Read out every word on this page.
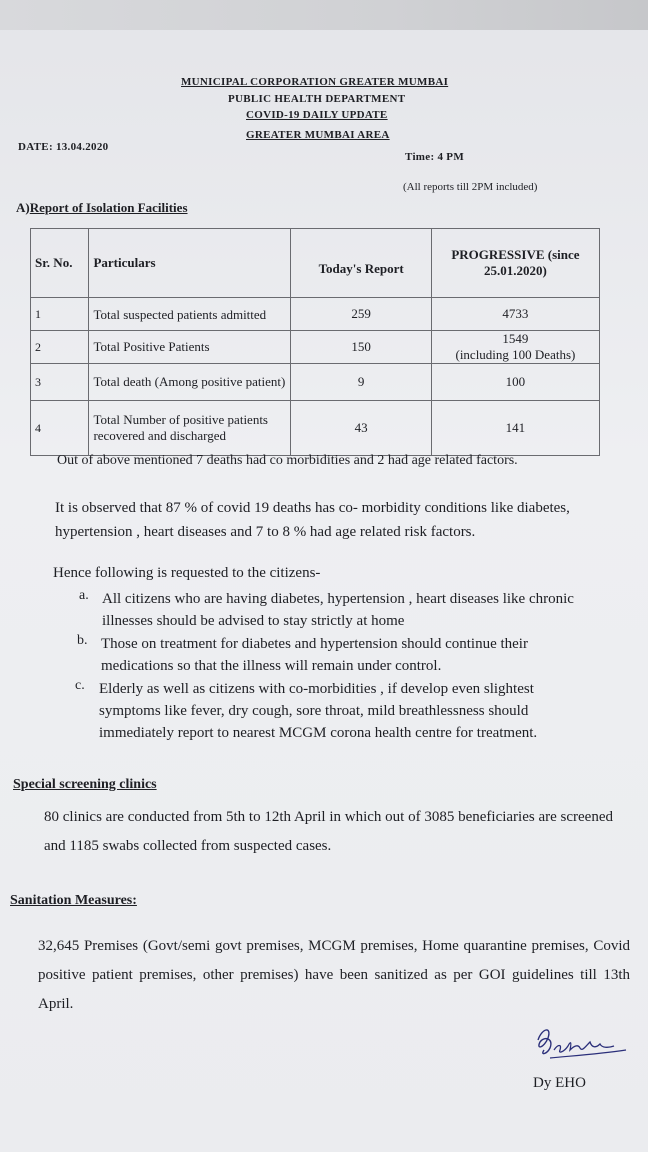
MUNICIPAL CORPORATION GREATER MUMBAI
PUBLIC HEALTH DEPARTMENT
COVID-19 DAILY UPDATE
GREATER MUMBAI AREA
DATE: 13.04.2020
Time: 4 PM
(All reports till 2PM included)
A)Report of Isolation Facilities
Sr. No.	Particulars	Today's Report	PROGRESSIVE (since 25.01.2020)
1	Total suspected patients admitted	259	4733
2	Total Positive Patients	150	1549
(including 100 Deaths)

3	Total death (Among positive patient)	9	100
4	Total Number of positive patients recovered and discharged	43	141
Out of above mentioned 7 deaths had co morbidities and 2 had age related factors.
It is observed that 87 % of covid 19 deaths has co- morbidity conditions like diabetes, hypertension , heart diseases and 7 to 8 % had age related risk factors.
Hence following is requested to the citizens-
a. All citizens who are having diabetes, hypertension , heart diseases like chronic illnesses should be advised to stay strictly at home
b. Those on treatment for diabetes and hypertension should continue their medications so that the illness will remain under control.
c. Elderly as well as citizens with co-morbidities , if develop even slightest symptoms like fever, dry cough, sore throat, mild breathlessness should immediately report to nearest MCGM corona health centre for treatment.
Special screening clinics
80 clinics are conducted from 5th to 12th April in which out of 3085 beneficiaries are screened and 1185 swabs collected from suspected cases.
Sanitation Measures:
32,645 Premises (Govt/semi govt premises, MCGM premises, Home quarantine premises, Covid positive patient premises, other premises) have been sanitized as per GOI guidelines till 13th April.
Dy EHO
